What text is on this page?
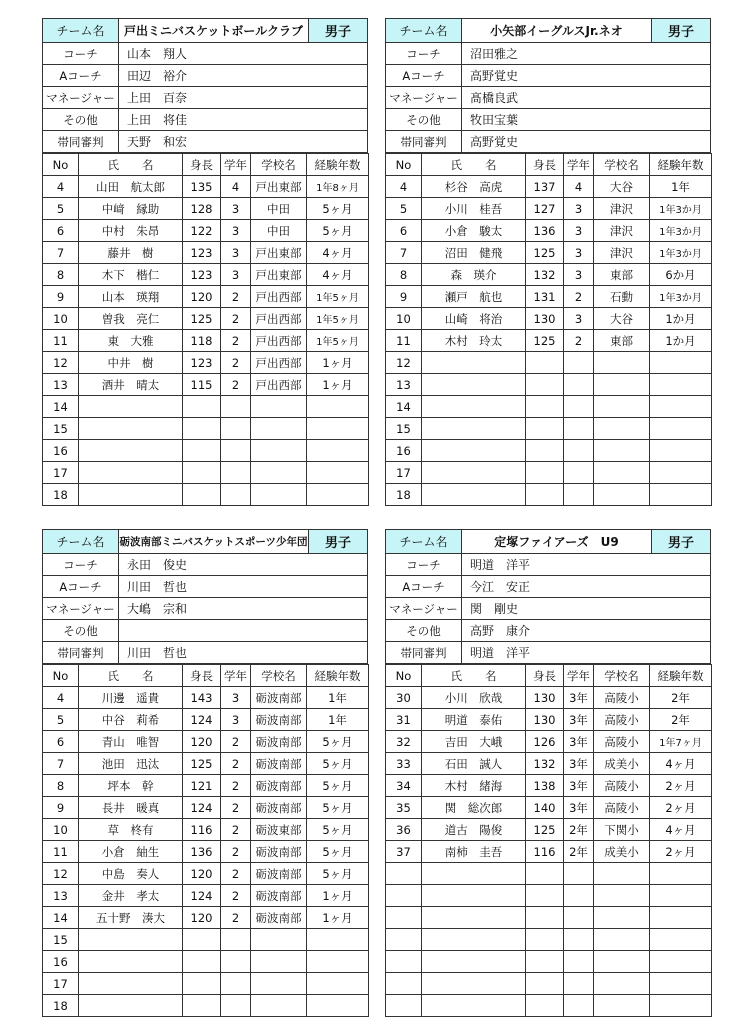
チーム名	戸出ミニバスケットボールクラブ	男子
コーチ	山本　翔人
Aコーチ	田辺　裕介
マネージャー	上田　百奈
その他	上田　将佳
帯同審判	天野　和宏
No	氏　　名	身長	学年	学校名	経験年数
4	山田　航太郎	135	4	戸出東部	1年8ヶ月
5	中﨑　縁助	128	3	中田	5ヶ月
6	中村　朱昂	122	3	中田	5ヶ月
7	藤井　樹	123	3	戸出東部	4ヶ月
8	木下　楷仁	123	3	戸出東部	4ヶ月
9	山本　瑛翔	120	2	戸出西部	1年5ヶ月
10	曽我　亮仁	125	2	戸出西部	1年5ヶ月
11	東　大雅	118	2	戸出西部	1年5ヶ月
12	中井　樹	123	2	戸出西部	1ヶ月
13	酒井　晴太	115	2	戸出西部	1ヶ月
14					
15					
16					
17					
18					
チーム名	小矢部イーグルスJr.ネオ	男子
コーチ	沼田雅之
Aコーチ	高野覚史
マネージャー	髙橋良武
その他	牧田宝葉
帯同審判	高野覚史
No	氏　　名	身長	学年	学校名	経験年数
4	杉谷　高虎	137	4	大谷	1年
5	小川　桂吾	127	3	津沢	1年3か月
6	小倉　駿太	136	3	津沢	1年3か月
7	沼田　健飛	125	3	津沢	1年3か月
8	森　瑛介	132	3	東部	6か月
9	瀬戸　航也	131	2	石動	1年3か月
10	山崎　将治	130	3	大谷	1か月
11	木村　玲太	125	2	東部	1か月
12					
13					
14					
15					
16					
17					
18					
チーム名	砺波南部ミニバスケットスポーツ少年団	男子
コーチ	永田　俊史
Aコーチ	川田　哲也
マネージャー	大嶋　宗和
その他
帯同審判	川田　哲也
No	氏　　名	身長	学年	学校名	経験年数
4	川邊　遥貴	143	3	砺波南部	1年
5	中谷　莉希	124	3	砺波南部	1年
6	青山　唯智	120	2	砺波南部	5ヶ月
7	池田　迅汰	125	2	砺波南部	5ヶ月
8	坪本　幹	121	2	砺波南部	5ヶ月
9	長井　暖真	124	2	砺波南部	5ヶ月
10	草　柊有	116	2	砺波東部	5ヶ月
11	小倉　紬生	136	2	砺波南部	5ヶ月
12	中島　奏人	120	2	砺波南部	5ヶ月
13	金井　孝太	124	2	砺波南部	1ヶ月
14	五十野　湊大	120	2	砺波南部	1ヶ月
15					
16					
17					
18					
チーム名	定塚ファイアーズ　U9	男子
コーチ	明道　洋平
Aコーチ	今江　安正
マネージャー	関　剛史
その他	高野　康介
帯同審判	明道　洋平
No	氏　　名	身長	学年	学校名	経験年数
30	小川　欣哉	130	3年	高陵小	2年
31	明道　泰佑	130	3年	高陵小	2年
32	吉田　大峨	126	3年	高陵小	1年7ヶ月
33	石田　誠人	132	3年	成美小	4ヶ月
34	木村　緒海	138	3年	高陵小	2ヶ月
35	関　総次郎	140	3年	高陵小	2ヶ月
36	道古　陽俊	125	2年	下関小	4ヶ月
37	南柿　圭吾	116	2年	成美小	2ヶ月
